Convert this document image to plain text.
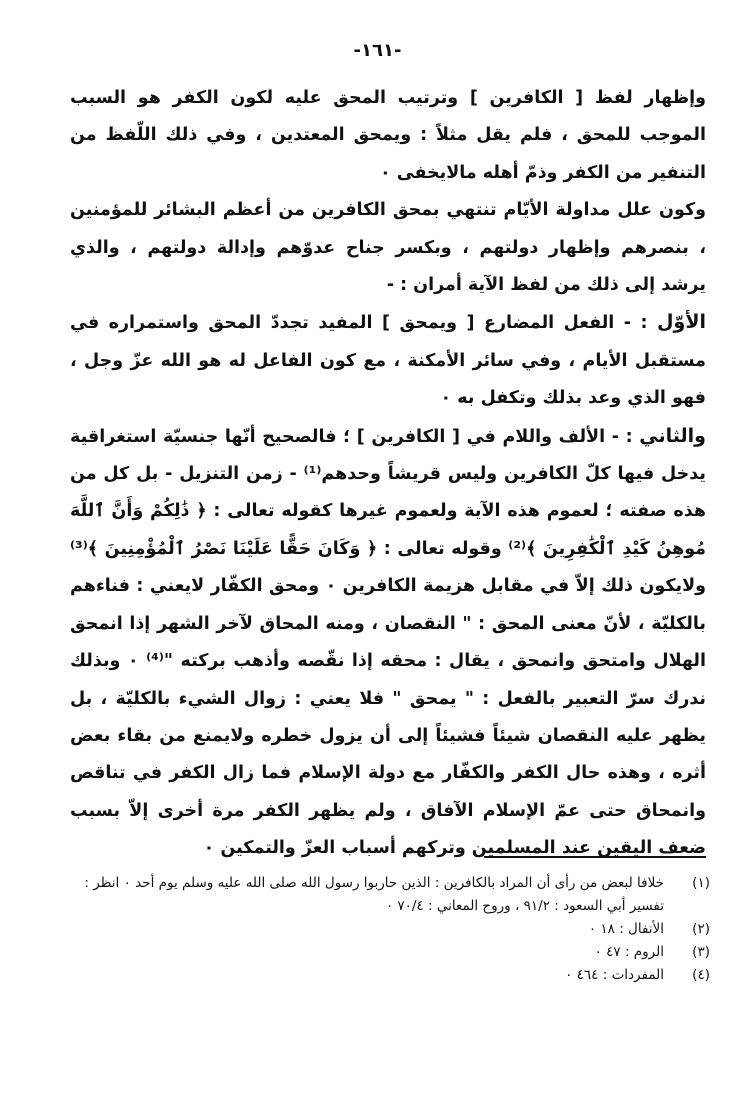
-١٦١-

وإظهار لفظ [ الكافرين ] وترتيب المحق عليه لكون الكفر هو السبب الموجب للمحق ، فلم يقل مثلاً : ويمحق المعتدين ، وفي ذلك اللّفظ من التنفير من الكفر وذمّ أهله مالايخفى ٠

وكون علل مداولة الأيّام تنتهي بمحق الكافرين من أعظم البشائر للمؤمنين ، بنصرهم وإظهار دولتهم ، وبكسر جناح عدوّهم وإدالة دولتهم ، والذي يرشد إلى ذلك من لفظ الآية أمران : -

الأوّل : - الفعل المضارع [ ويمحق ] المفيد تجددّ المحق واستمراره في مستقبل الأيام ، وفي سائر الأمكنة ، مع كون الفاعل له هو الله عزّ وجل ، فهو الذي وعد بذلك وتكفل به ٠

والثاني : - الألف واللام في [ الكافرين ] ؛ فالصحيح أنّها جنسيّة استغراقية يدخل فيها كلّ الكافرين وليس قريشاً وحدهم⁽¹⁾ - زمن التنزيل - بل كل من هذه صفته ؛ لعموم هذه الآية ولعموم غيرها كقوله تعالى : ﴿ ذَٰلِكُمْ وَأَنَّ ٱللَّهَ مُوهِنُ كَيْدِ ٱلْكَٰفِرِينَ ﴾⁽²⁾ وقوله تعالى : ﴿ وَكَانَ حَقًّا عَلَيْنَا نَصْرُ ٱلْمُؤْمِنِينَ ﴾⁽³⁾ ولايكون ذلك إلاّ في مقابل هزيمة الكافرين ٠ ومحق الكفّار لايعني : فناءهم بالكليّة ، لأنّ معنى المحق : " النقصان ، ومنه المحاق لآخر الشهر إذا انمحق الهلال وامتحق وانمحق ، يقال : محقه إذا نقّصه وأذهب بركته "⁽⁴⁾ ٠ وبذلك ندرك سرّ التعبير بالفعل : " يمحق " فلا يعني : زوال الشيء بالكليّة ، بل يظهر عليه النقصان شيئاً فشيئاً إلى أن يزول خطره ولايمنع من بقاء بعض أثره ، وهذه حال الكفر والكفّار مع دولة الإسلام فما زال الكفر في تناقص وانمحاق حتى عمّ الإسلام الآفاق ، ولم يظهر الكفر مرة أخرى إلاّ بسبب ضعف اليقين عند المسلمين وتركهم أسباب العزّ والتمكين ٠

(١)
خلافا لبعض من رأى أن المراد بالكافرين : الذين حاربوا رسول الله صلى الله عليه وسلم يوم أحد ٠ انظر : تفسير أبي السعود : ٩١/٢ ، وروح المعاني : ٧٠/٤ ٠
(٢)
الأنفال : ١٨ ٠
(٣)
الروم : ٤٧ ٠
(٤)
المفردات : ٤٦٤ ٠
